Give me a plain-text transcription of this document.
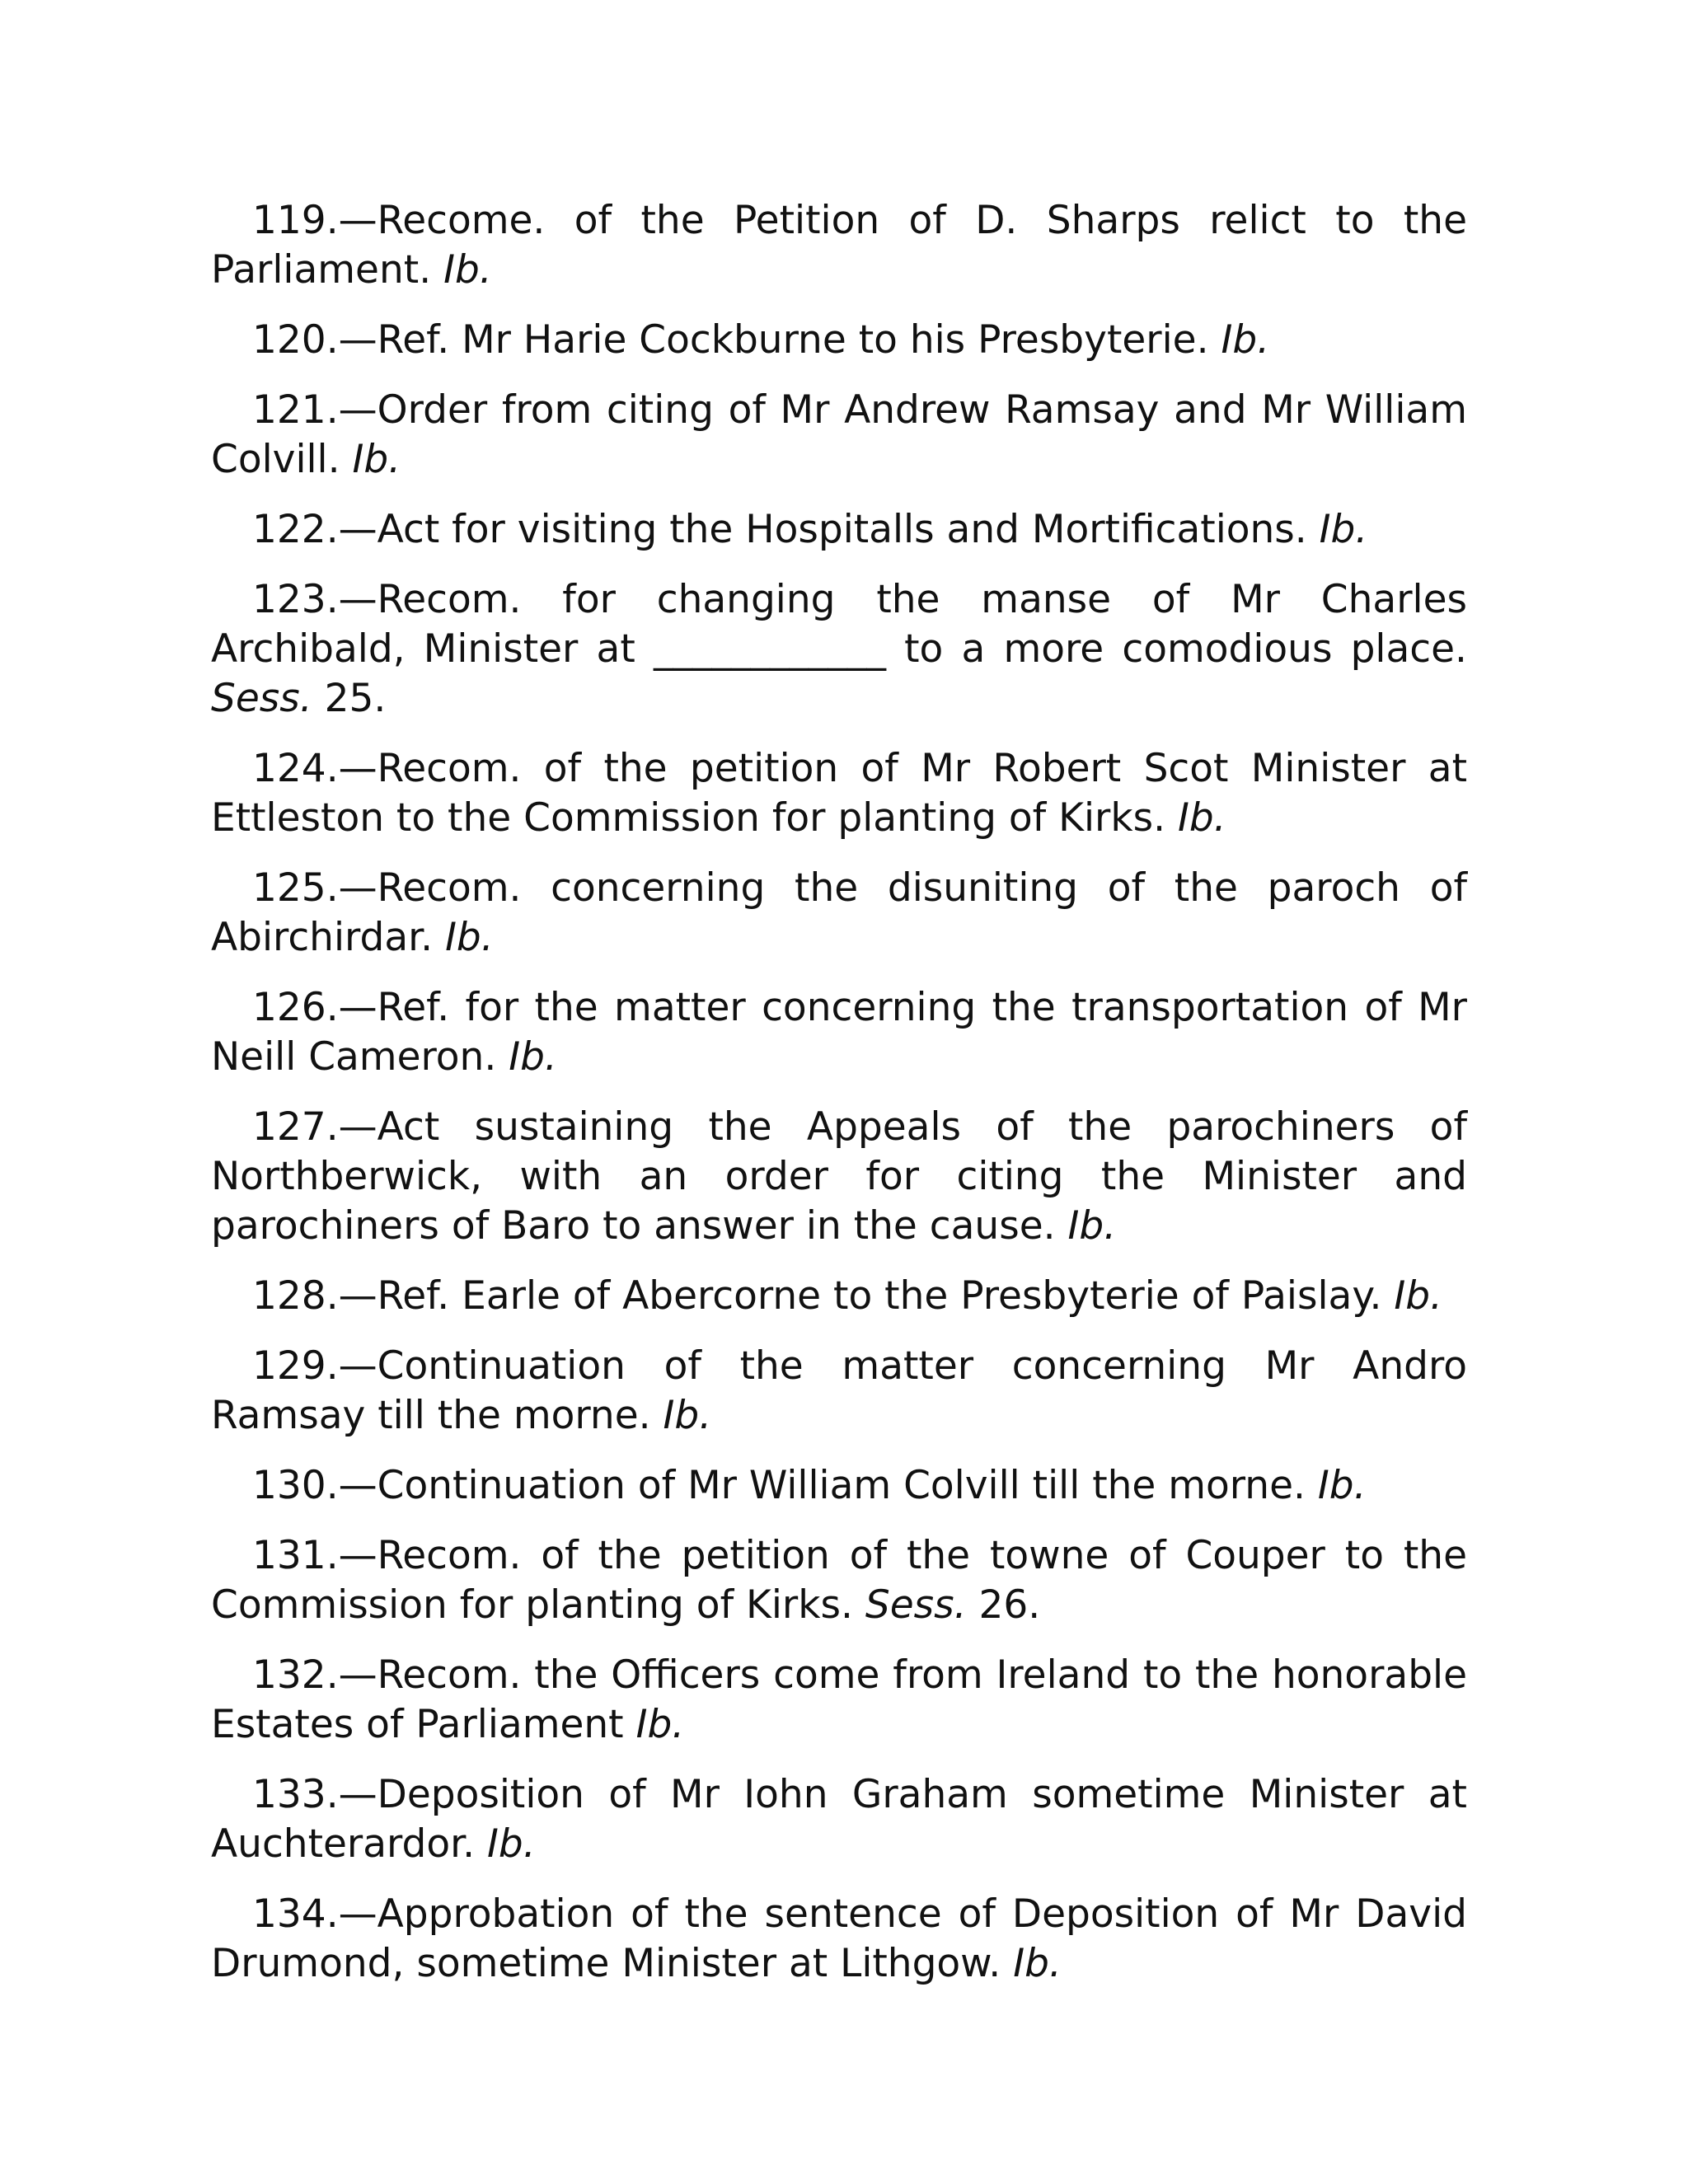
119.—Recome. of the Petition of D. Sharps relict to the Parliament. Ib.

120.—Ref. Mr Harie Cockburne to his Presbyterie. Ib.

121.—Order from citing of Mr Andrew Ramsay and Mr William Colvill. Ib.

122.—Act for visiting the Hospitalls and Mortifications. Ib.

123.—Recom. for changing the manse of Mr Charles Archibald, Minister at ____________ to a more comodious place. Sess. 25.

124.—Recom. of the petition of Mr Robert Scot Minister at Ettleston to the Commission for planting of Kirks. Ib.

125.—Recom. concerning the disuniting of the paroch of Abirchirdar. Ib.

126.—Ref. for the matter concerning the transportation of Mr Neill Cameron. Ib.

127.—Act sustaining the Appeals of the parochiners of Northberwick, with an order for citing the Minister and parochiners of Baro to answer in the cause. Ib.

128.—Ref. Earle of Abercorne to the Presbyterie of Paislay. Ib.

129.—Continuation of the matter concerning Mr Andro Ramsay till the morne. Ib.

130.—Continuation of Mr William Colvill till the morne. Ib.

131.—Recom. of the petition of the towne of Couper to the Commission for planting of Kirks. Sess. 26.

132.—Recom. the Officers come from Ireland to the honorable Estates of Parliament Ib.

133.—Deposition of Mr Iohn Graham sometime Minister at Auchterardor. Ib.

134.—Approbation of the sentence of Deposition of Mr David Drumond, sometime Minister at Lithgow. Ib.
